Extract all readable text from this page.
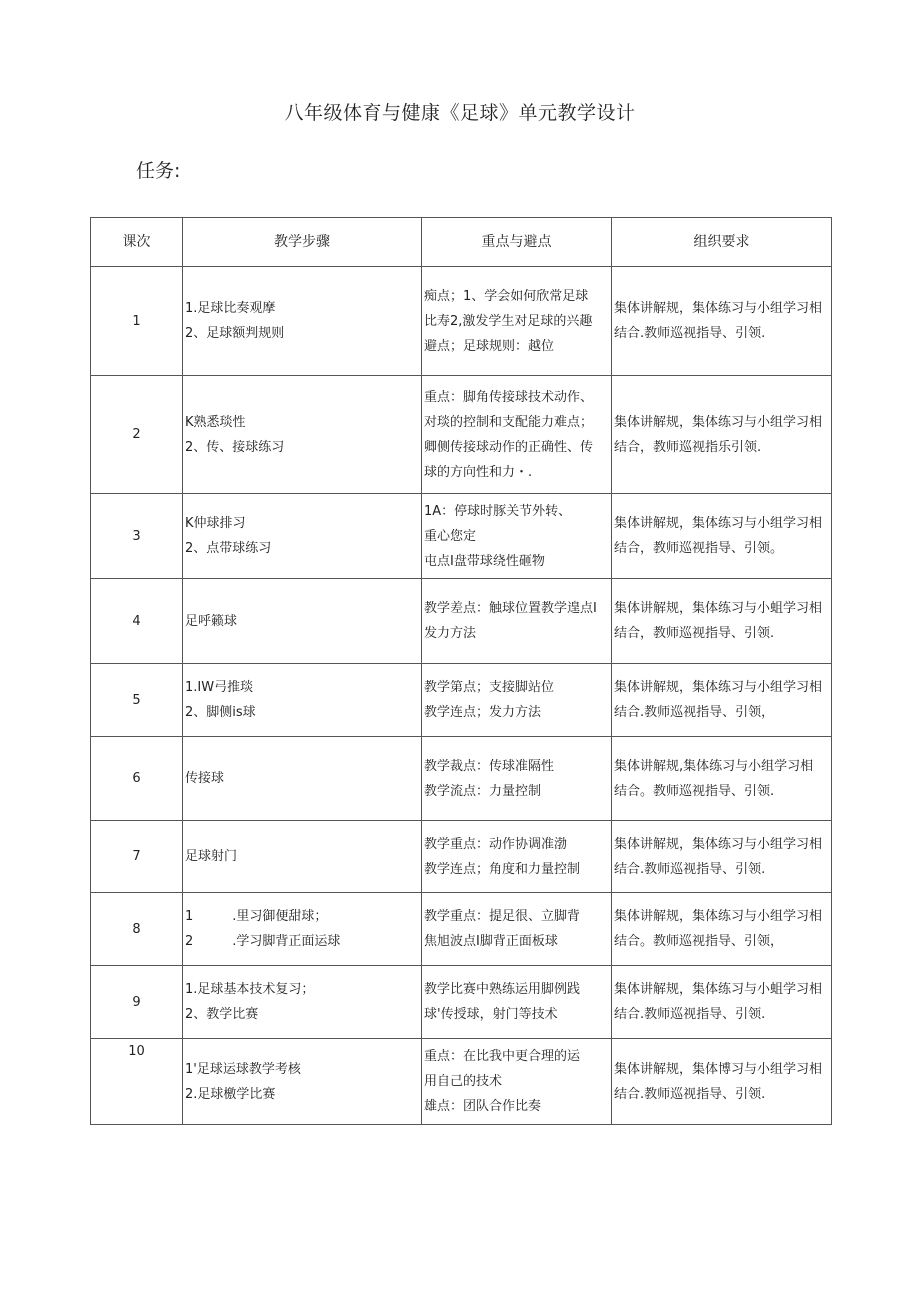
八年级体育与健康《足球》单元教学设计
任务:
课次	教学步骤	重点与避点	组织要求
1	1.足球比奏观摩
2、足球额判规则	痴点；1、学会如何欣常足球
比寿2,激发学生对足球的兴趣
避点；足球规则：越位	集体讲解规，集体练习与小组学习相
结合.教师巡视指导、引领.

2	K熟悉琰性
2、传、接球练习	重点：脚角传接球技术动作、
对琰的控制和支配能力难点；
卿侧传接球动作的正确性、传
球的方向性和力・.	集体讲解规，集体练习与小组学习相
结合，教师巡视指乐引领.

3	K仲球排习
2、点带球练习	1A：停球时豚关节外转、
重心您定
屯点I盘带球绕性砸物	集体讲解规，集体练习与小组学习相
结合，教师巡视指导、引领。

4	足呼籁球	教学差点：触球位置教学遑点I
发力方法	集体讲解规，集体练习与小蛆学习相
结合，教师巡视指导、引领.

5	1.IW弓推琰
2、脚侧is球	教学第点；支接脚站位
教学连点；发力方法	集体讲解规，集体练习与小组学习相
结合.教师巡视指导、引领，

6	传接球	教学裁点：传球准隔性
教学流点：力量控制	集体讲解规,集体练习与小组学习相
结合。教师巡视指导、引领.

7	足球射门	教学重点：动作协调准渤
教学连点；角度和力量控制	集体讲解规，集体练习与小组学习相
结合.教师巡视指导、引领.

8	1　　　.里习御便甜球；
2　　　.学习脚背正面运球	教学重点：提足很、立脚背
焦旭波点I脚背正面板球	集体讲解规，集体练习与小组学习相
结合。教师巡视指导、引领，

9	1.足球基本技术复习；
2、教学比赛	教学比赛中熟练运用脚例践
球'传授球，射门等技术	集体讲解规，集体练习与小蛆学习相
结合.教师巡视指导、引领.

10	1'足球运球教学考核
2.足球檄学比赛	重点：在比我中更合理的运
用自己的技术
雄点：团队合作比奏	集体讲解规，集体博习与小组学习相
结合.教师巡视指导、引领.
